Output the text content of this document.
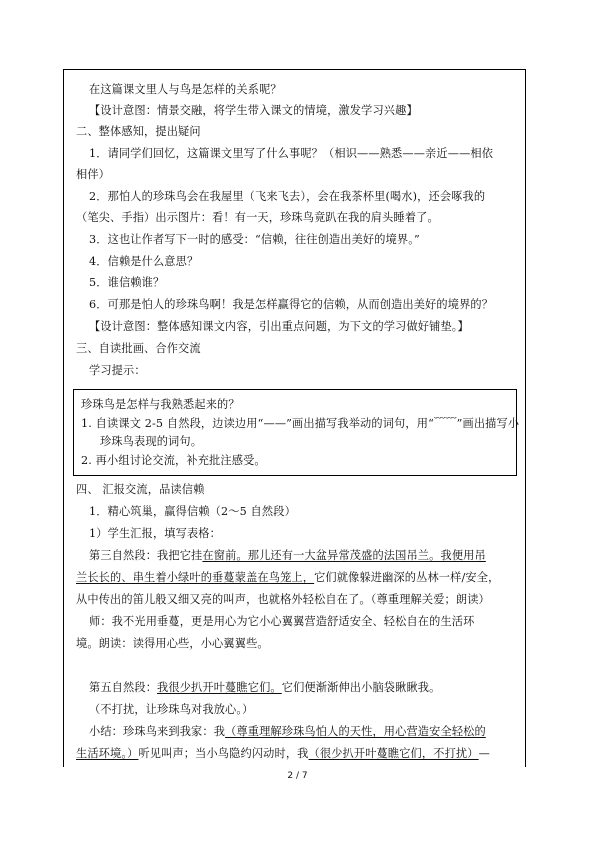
在这篇课文里人与鸟是怎样的关系呢？
【设计意图：情景交融，将学生带入课文的情境，激发学习兴趣】
二、整体感知，提出疑问
1．请同学们回忆，这篇课文里写了什么事呢？（相识——熟悉——亲近——相依
相伴）
2．那怕人的珍珠鸟会在我屋里（飞来飞去），会在我茶杯里(喝水)，还会啄我的
（笔尖、手指）出示图片：看！有一天，珍珠鸟竟趴在我的肩头睡着了。
3．这也让作者写下一时的感受：“信赖，往往创造出美好的境界。”
4．信赖是什么意思？
5．谁信赖谁？
6．可那是怕人的珍珠鸟啊！我是怎样赢得它的信赖，从而创造出美好的境界的？
【设计意图：整体感知课文内容，引出重点问题，为下文的学习做好铺垫。】
三、自读批画、合作交流
学习提示：
珍珠鸟是怎样与我熟悉起来的？
1. 自读课文 2-5 自然段，边读边用“——”画出描写我举动的词句，用“﹋﹋”画出描写小
珍珠鸟表现的词句。
2. 再小组讨论交流，补充批注感受。
四、 汇报交流，品读信赖
1．精心筑巢，赢得信赖（2～5 自然段）
1）学生汇报，填写表格：
第三自然段：我把它挂在窗前。那儿还有一大盆异常茂盛的法国吊兰。我便用吊
兰长长的、串生着小绿叶的垂蔓蒙盖在鸟笼上，它们就像躲进幽深的丛林一样/安全，
从中传出的笛儿般又细又亮的叫声，也就格外轻松自在了。（尊重理解关爱；朗读）
师：我不光用垂蔓，更是用心为它小心翼翼营造舒适安全、轻松自在的生活环
境。朗读：读得用心些，小心翼翼些。
第五自然段：我很少扒开叶蔓瞧它们。它们便渐渐伸出小脑袋瞅瞅我。
（不打扰，让珍珠鸟对我放心。）
小结：珍珠鸟来到我家：我（尊重理解珍珠鸟怕人的天性，用心营造安全轻松的
生活环境。）听见叫声；当小鸟隐约闪动时，我（很少扒开叶蔓瞧它们，不打扰）—
2 / 7
